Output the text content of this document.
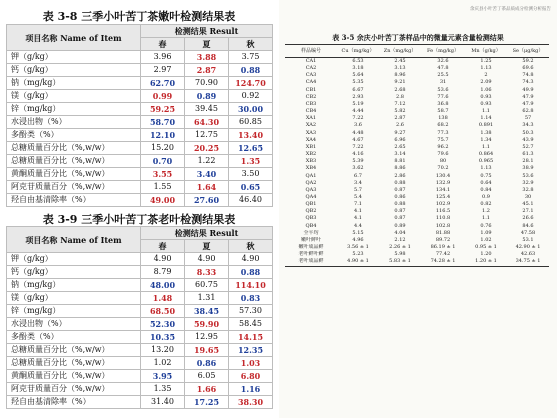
表 3-8 三季小叶苦丁茶嫩叶检测结果表
项目名称 Name of Item	检测结果 Result		
	春	夏	秋
钾（g/kg）	3.96	3.88	3.75
钙（g/kg）	2.97	2.87	0.88
钠（mg/kg）	62.70	70.90	124.70
镁（g/kg）	0.99	0.89	0.92
锌（mg/kg）	59.25	39.45	30.00
水浸出物（%）	58.70	64.30	60.85
多酚类（%）	12.10	12.75	13.40
总糖质量百分比（%,w/w）	15.20	20.25	12.65
总糖质量百分比（%,w/w）	0.70	1.22	1.35
黄酮质量百分比（%,w/w）	3.55	3.40	3.50
阿克苷质量百分（%,w/w）	1.55	1.64	0.65
羟自由基清除率（%）	49.00	27.60	46.40
表 3-9 三季小叶苦丁茶老叶检测结果表
项目名称 Name of Item	检测结果 Result		
	春	夏	秋
钾（g/kg）	4.90	4.90	4.90
钙（g/kg）	8.79	8.33	0.88
钠（mg/kg）	48.00	60.75	114.10
镁（g/kg）	1.48	1.31	0.83
锌（mg/kg）	68.50	38.45	57.30
水浸出物（%）	52.30	59.90	58.45
多酚类（%）	10.35	12.95	14.15
总糖质量百分比（%,w/w）	13.20	19.65	12.35
总糖质量百分比（%,w/w）	1.02	0.86	1.03
黄酮质量百分比（%,w/w）	3.95	6.05	6.80
阿克苷质量百分（%,w/w）	1.35	1.66	1.16
羟自由基清除率（%）	31.40	17.25	38.30
余庆县小叶苦丁茶品质成分检测分析报告
表 3-5 余庆小叶苦丁茶样品中的微量元素含量检测结果
样品编号	Cu（mg/kg）	Zn（mg/kg）	Fe（mg/kg）	Mn（g/kg）	Se（μg/kg）
CA1	6.53	2.45	32.6	1.25	59.2
CA2	3.18	3.13	47.8	1.13	69.6
CA3	5.64	8.96	25.5	2	74.8
CA4	5.35	9.21	31	2.09	74.3
CB1	6.67	2.68	53.6	1.06	49.9
CB2	2.93	2.8	77.6	0.93	47.9
CB3	5.19	7.12	36.8	0.93	47.9
CB4	4.44	5.82	58.7	1.1	62.8
XA1	7.22	2.87	138	1.14	57
XA2	3.6	2.6	68.2	0.891	34.3
XA3	4.48	9.27	77.3	1.38	50.3
XA4	4.67	6.96	75.7	1.34	43.9
XB1	7.22	2.65	96.2	1.1	52.7
XB2	4.16	3.14	79.6	0.864	61.3
XB3	5.39	8.81	80	0.965	28.1
XB4	3.62	8.86	70.2	1.13	38.9
QA1	6.7	2.86	130.4	0.75	53.6
QA2	3.4	0.88	132.9	0.64	32.9
QA3	5.7	0.87	134.1	0.84	32.8
QA4	5.4	0.86	125.4	0.9	30
QB1	7.1	0.88	102.9	0.82	45.1
QB2	4.1	0.87	116.5	1.2	27.1
QB3	4.1	0.87	110.8	1.1	26.6
QB4	4.4	0.89	102.8	0.76	84.6
全平均	5.15	4.04	81.88	1.09	47.58
嫩叶鲜叶	4.96	2.12	89.72	1.02	53.1
嫩叶成品鲜	3.56 ± 1	2.26 ± 1	86.19 ± 1	0.95 ± 1	42.90 ± 1
老叶鲜叶鲜	5.23	5.98	77.42	1.20	42.63
老叶成品鲜	4.90 ± 1	5.83 ± 1	74.28 ± 1	1.20 ± 1	34.75 ± 1
